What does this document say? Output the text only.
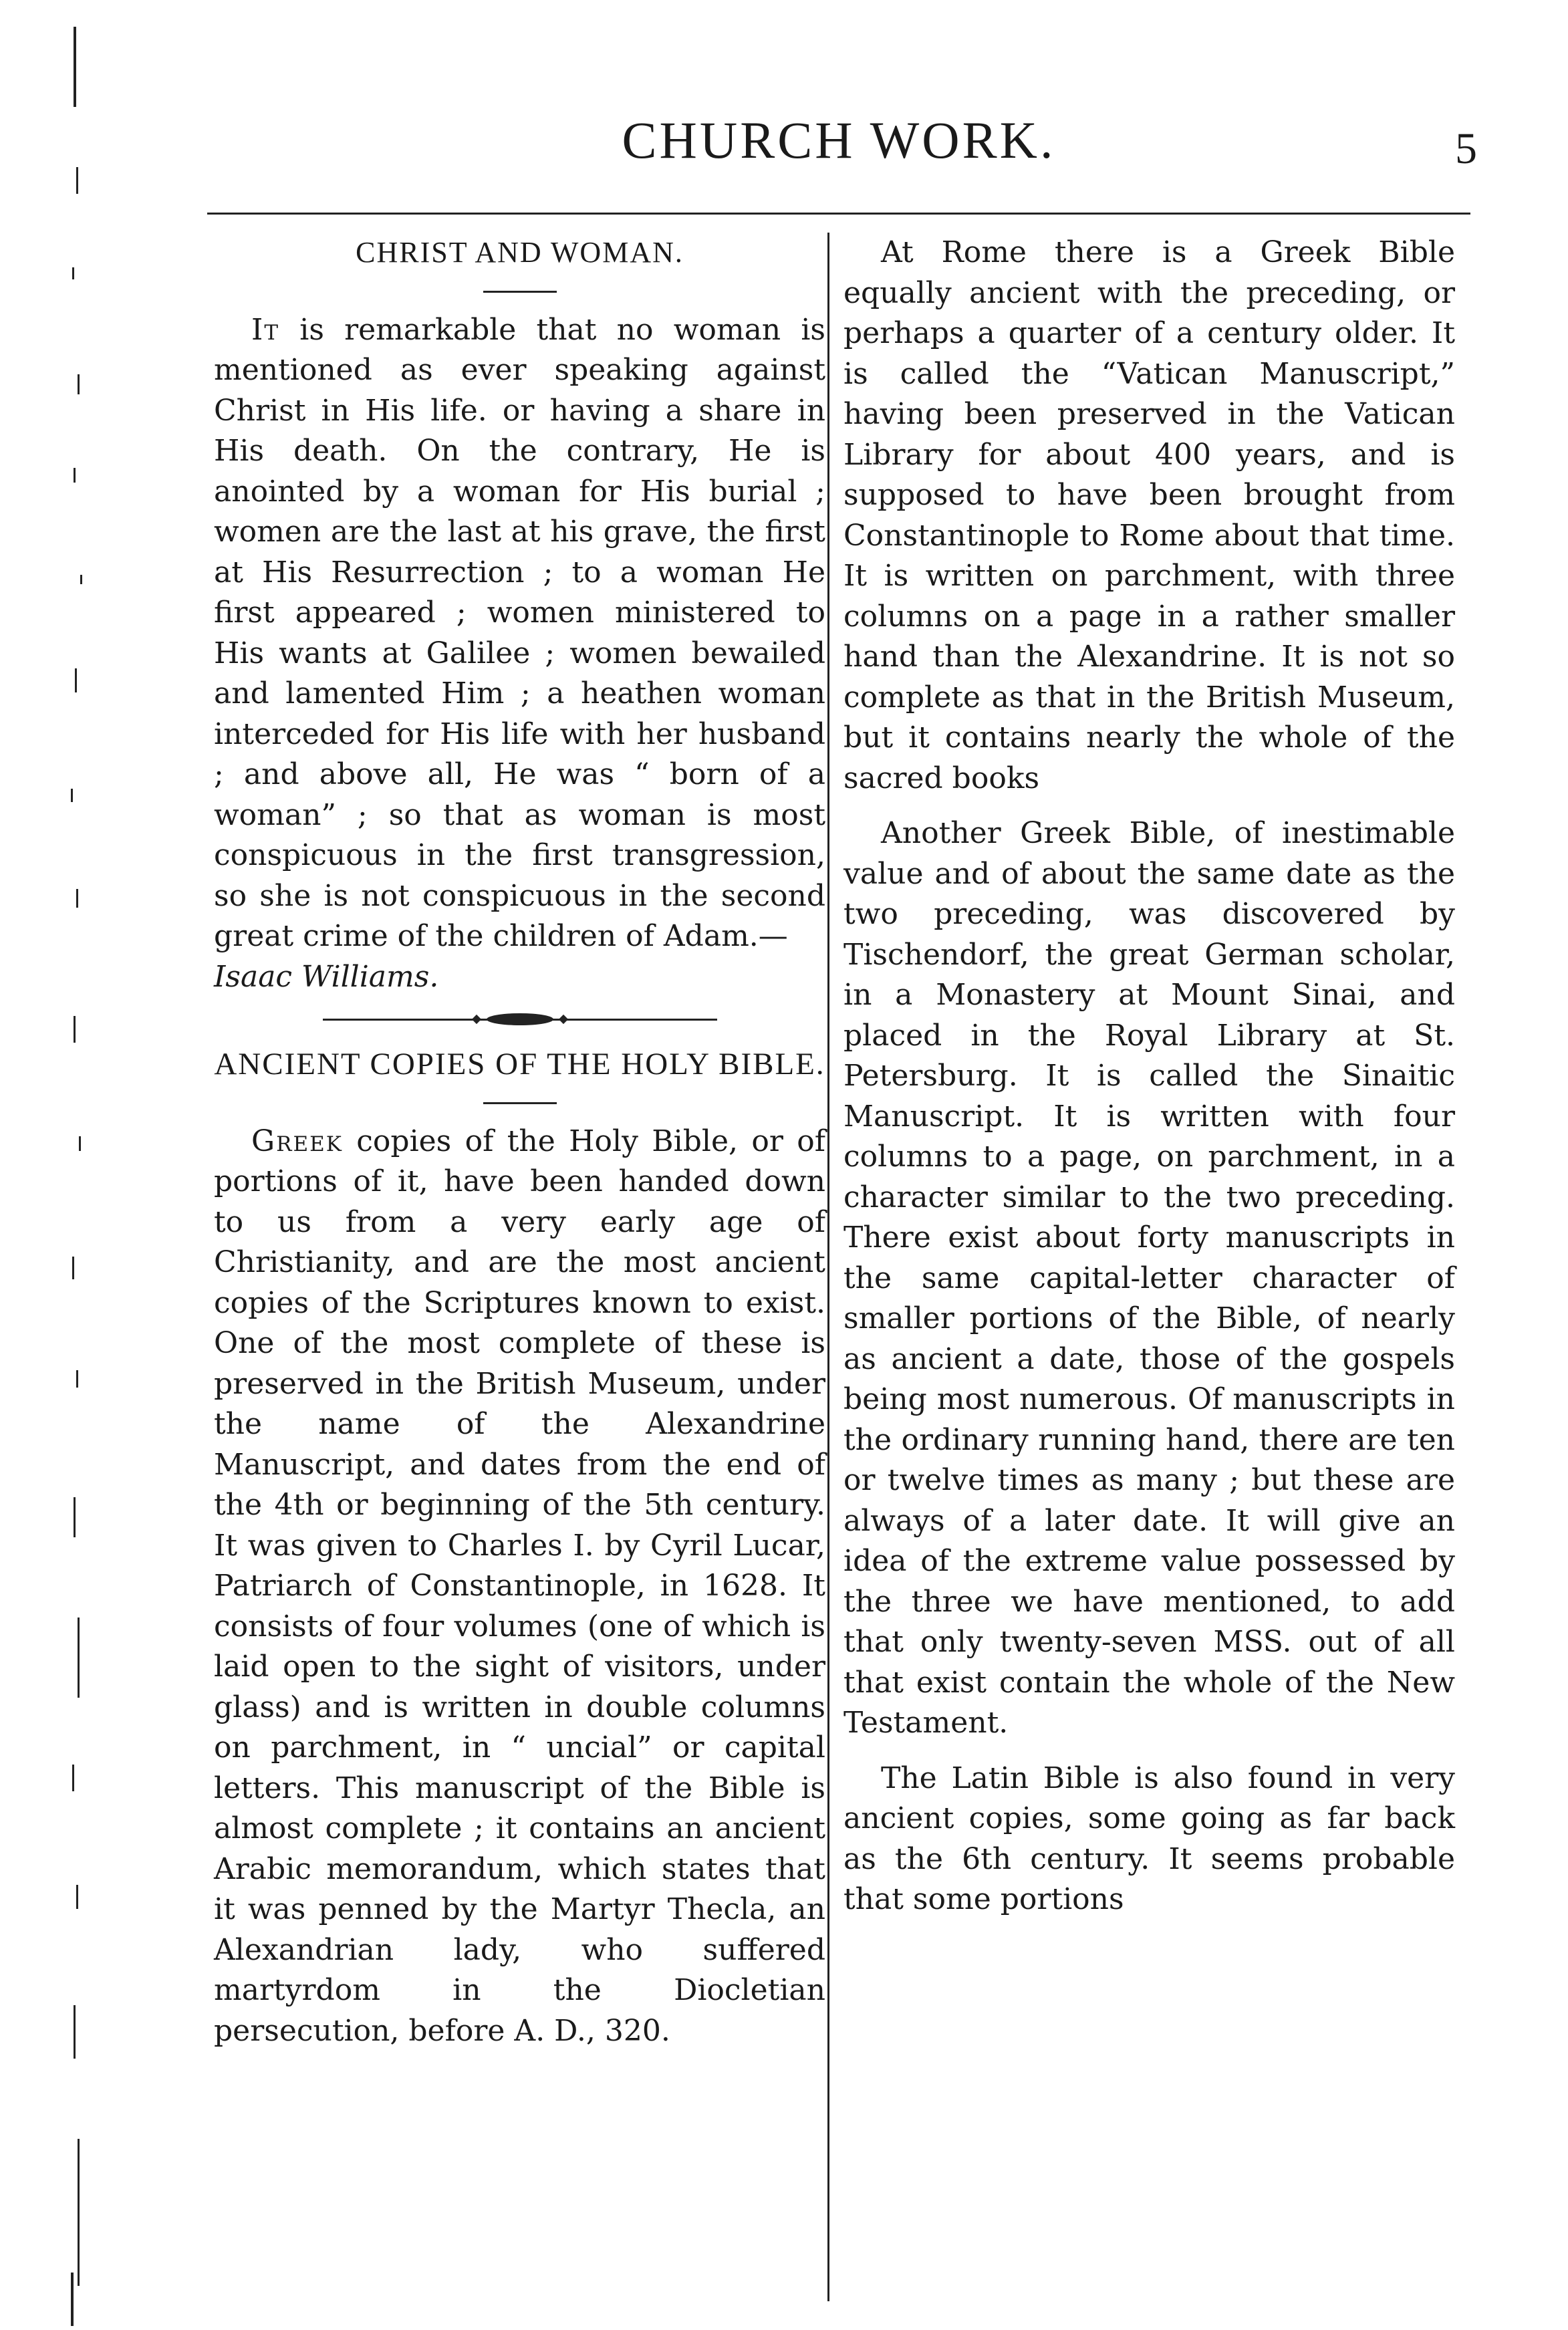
CHURCH WORK.	5
CHRIST AND WOMAN.

It is remarkable that no woman is mentioned as ever speaking against Christ in His life. or having a share in His death. On the contrary, He is anointed by a woman for His burial ; women are the last at his grave, the first at His Resurrection ; to a woman He first appeared ; women ministered to His wants at Galilee ; women bewailed and lamented Him ; a heathen woman interceded for His life with her husband ; and above all, He was “ born of a woman” ; so that as woman is most conspicuous in the first transgression, so she is not conspicuous in the second great crime of the children of Adam.—

Isaac Williams.

ANCIENT COPIES OF THE HOLY BIBLE.

Greek copies of the Holy Bible, or of portions of it, have been handed down to us from a very early age of Christianity, and are the most ancient copies of the Scriptures known to exist. One of the most complete of these is preserved in the British Museum, under the name of the Alexandrine Manuscript, and dates from the end of the 4th or beginning of the 5th century. It was given to Charles I. by Cyril Lucar, Patriarch of Constantinople, in 1628. It consists of four volumes (one of which is laid open to the sight of visitors, under glass) and is written in double columns on parchment, in “ uncial” or capital letters. This manuscript of the Bible is almost complete ; it contains an ancient Arabic memorandum, which states that it was penned by the Martyr Thecla, an Alexandrian lady, who suffered martyrdom in the Diocletian persecution, before A. D., 320.

At Rome there is a Greek Bible equally ancient with the preceding, or perhaps a quarter of a century older. It is called the “Vatican Manuscript,” having been preserved in the Vatican Library for about 400 years, and is supposed to have been brought from Constantinople to Rome about that time. It is written on parchment, with three columns on a page in a rather smaller hand than the Alexandrine. It is not so complete as that in the British Museum, but it contains nearly the whole of the sacred books

Another Greek Bible, of inestimable value and of about the same date as the two preceding, was discovered by Tischendorf, the great German scholar, in a Monastery at Mount Sinai, and placed in the Royal Library at St. Petersburg. It is called the Sinaitic Manuscript. It is written with four columns to a page, on parchment, in a character similar to the two preceding. There exist about forty manuscripts in the same capital-letter character of smaller portions of the Bible, of nearly as ancient a date, those of the gospels being most numerous. Of manuscripts in the ordinary running hand, there are ten or twelve times as many ; but these are always of a later date. It will give an idea of the extreme value possessed by the three we have mentioned, to add that only twenty-seven MSS. out of all that exist contain the whole of the New Testament.

The Latin Bible is also found in very ancient copies, some going as far back as the 6th century. It seems probable that some portions
